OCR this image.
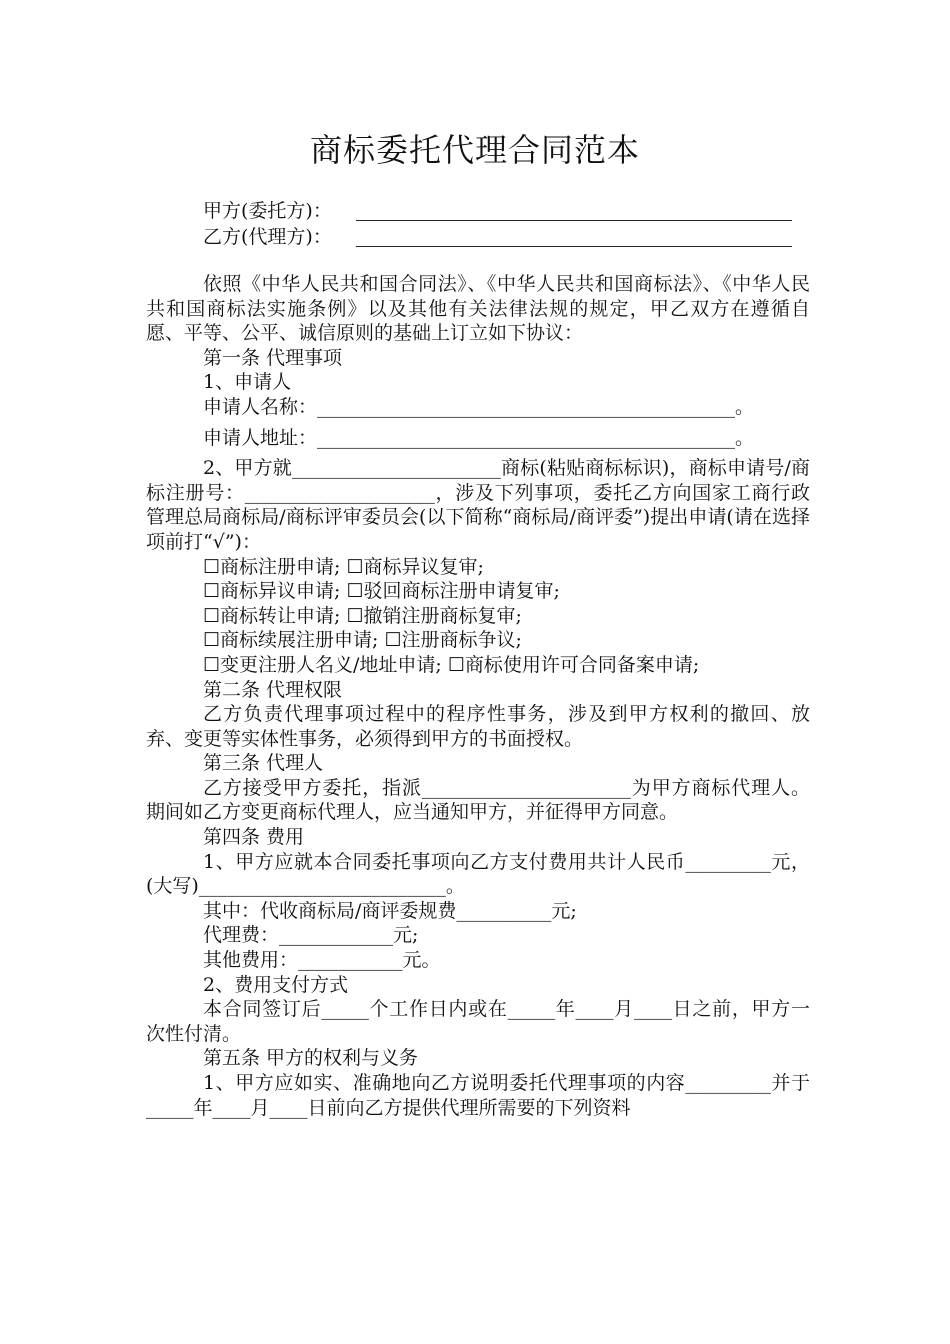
商标委托代理合同范本
甲方(委托方)：
乙方(代理方)：

依照《中华人民共和国合同法》、《中华人民共和国商标法》、《中华人民共和国商标法实施条例》以及其他有关法律法规的规定，甲乙双方在遵循自愿、平等、公平、诚信原则的基础上订立如下协议：

第一条 代理事项

1、申请人

申请人名称：____________________________________________。

申请人地址：____________________________________________。

2、甲方就______________________商标(粘贴商标标识)，商标申请号/商标注册号：____________________，涉及下列事项，委托乙方向国家工商行政管理总局商标局/商标评审委员会(以下简称“商标局/商评委”)提出申请(请在选择项前打“√”)：

☐商标注册申请; ☐商标异议复审;

☐商标异议申请; ☐驳回商标注册申请复审;

☐商标转让申请; ☐撤销注册商标复审;

☐商标续展注册申请; ☐注册商标争议;

☐变更注册人名义/地址申请; ☐商标使用许可合同备案申请;

第二条 代理权限

乙方负责代理事项过程中的程序性事务，涉及到甲方权利的撤回、放弃、变更等实体性事务，必须得到甲方的书面授权。

第三条 代理人

乙方接受甲方委托，指派______________________为甲方商标代理人。期间如乙方变更商标代理人，应当通知甲方，并征得甲方同意。

第四条 费用

1、甲方应就本合同委托事项向乙方支付费用共计人民币_________元，(大写)__________________________。

其中：代收商标局/商评委规费__________元;

代理费：____________元;

其他费用：___________元。

2、费用支付方式

本合同签订后_____个工作日内或在_____年____月____日之前，甲方一次性付清。

第五条 甲方的权利与义务

1、甲方应如实、准确地向乙方说明委托代理事项的内容_________并于_____年____月____日前向乙方提供代理所需要的下列资料
